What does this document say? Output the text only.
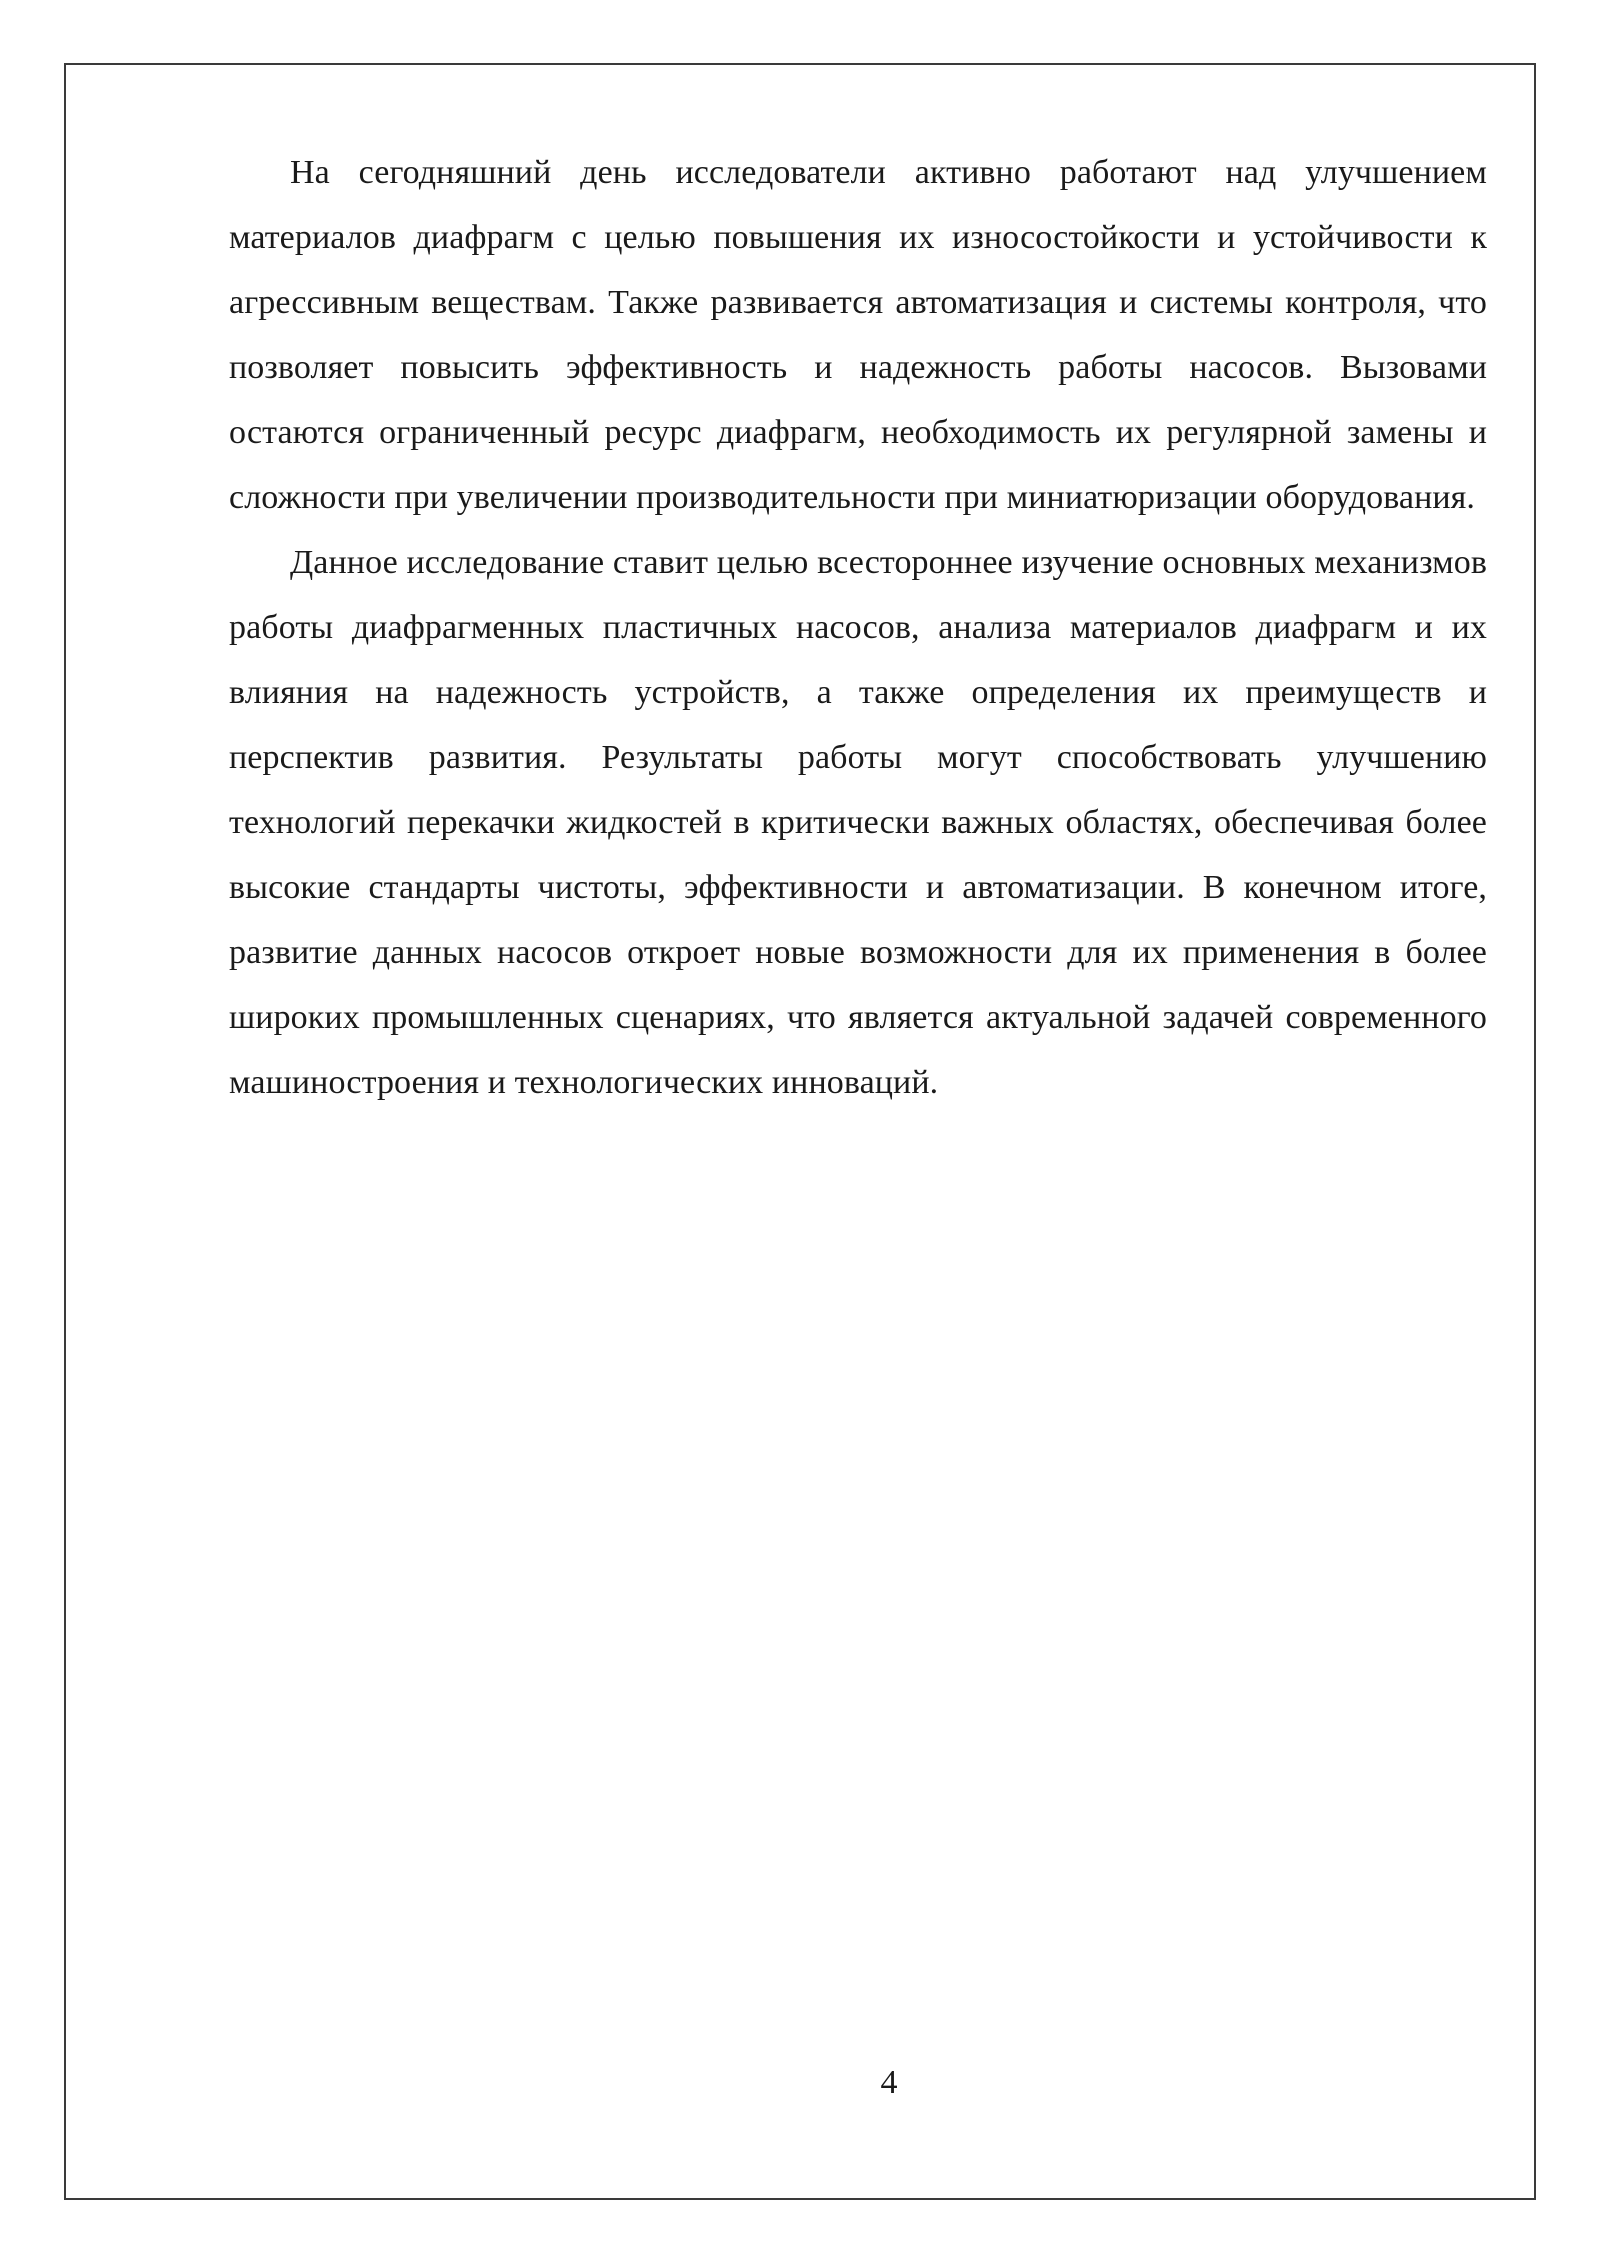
На сегодняшний день исследователи активно работают над улучшением материалов диафрагм с целью повышения их износостойкости и устойчивости к агрессивным веществам. Также развивается автоматизация и системы контроля, что позволяет повысить эффективность и надежность работы насосов. Вызовами остаются ограниченный ресурс диафрагм, необходимость их регулярной замены и сложности при увеличении производительности при миниатюризации оборудования.

Данное исследование ставит целью всестороннее изучение основных механизмов работы диафрагменных пластичных насосов, анализа материалов диафрагм и их влияния на надежность устройств, а также определения их преимуществ и перспектив развития. Результаты работы могут способствовать улучшению технологий перекачки жидкостей в критически важных областях, обеспечивая более высокие стандарты чистоты, эффективности и автоматизации. В конечном итоге, развитие данных насосов откроет новые возможности для их применения в более широких промышленных сценариях, что является актуальной задачей современного машиностроения и технологических инноваций.

4
